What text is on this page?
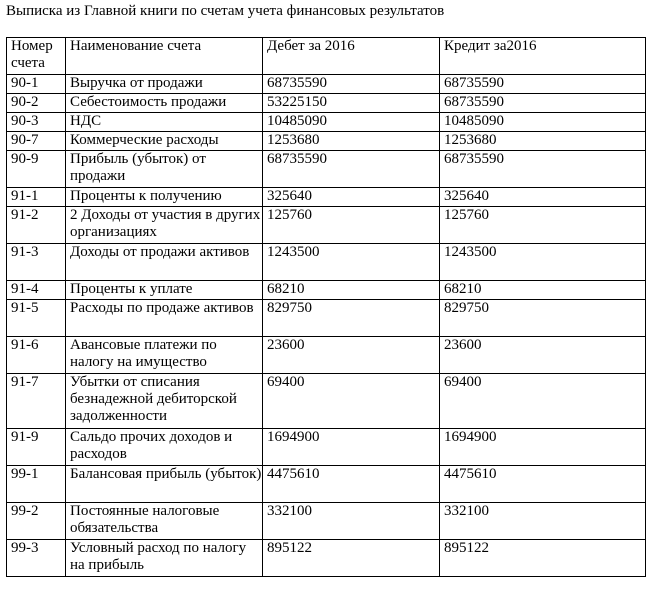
Выписка из Главной книги по счетам учета финансовых результатов
Номер счета	Наименование счета	Дебет за 2016	Кредит за2016
90-1	Выручка от продажи	68735590	68735590
90-2	Себестоимость продажи	53225150	68735590
90-3	НДС	10485090	10485090
90-7	Коммерческие расходы	1253680	1253680
90-9	Прибыль (убыток) от продажи	68735590	68735590
91-1	Проценты к получению	325640	325640
91-2	2 Доходы от участия в других организациях	125760	125760
91-3	Доходы от продажи активов	1243500	1243500
91-4	Проценты к уплате	68210	68210
91-5	Расходы по продаже активов	829750	829750
91-6	Авансовые платежи по налогу на имущество	23600	23600
91-7	Убытки от списания безнадежной дебиторской задолженности	69400	69400
91-9	Сальдо прочих доходов и расходов	1694900	1694900
99-1	Балансовая прибыль (убыток)	4475610	4475610
99-2	Постоянные налоговые обязательства	332100	332100
99-3	Условный расход по налогу на прибыль	895122	895122
